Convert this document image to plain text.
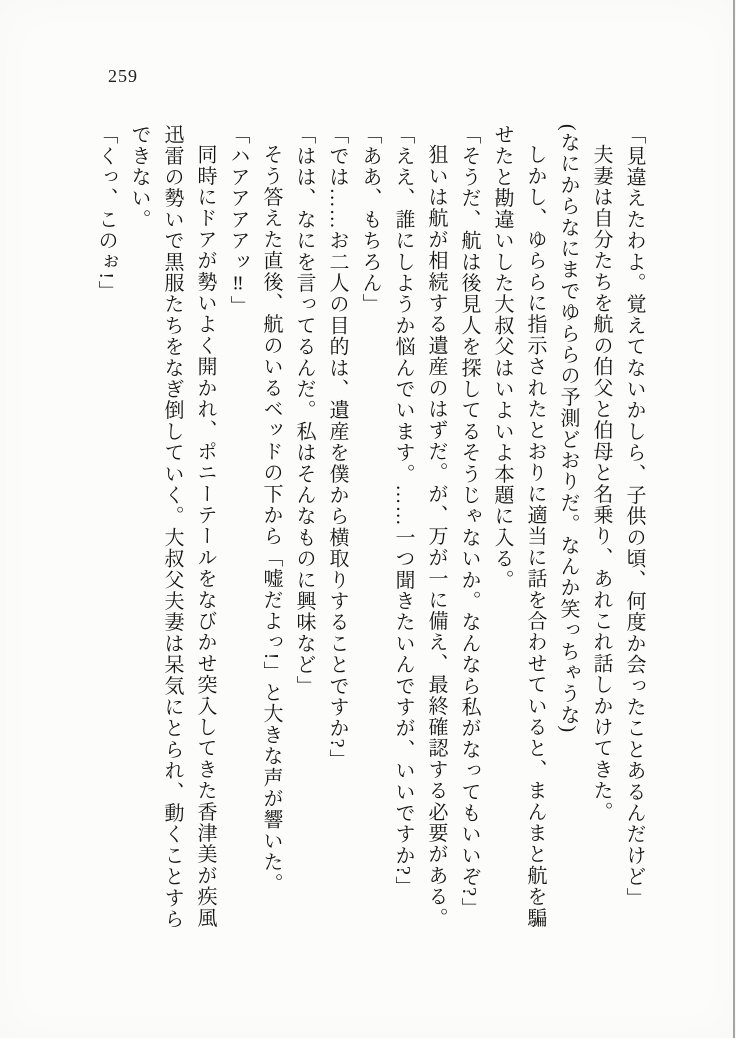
259

「見違えたわよ。覚えてないかしら、子供の頃、何度か会ったことあるんだけど」

夫妻は自分たちを航の伯父と伯母と名乗り、あれこれ話しかけてきた。

(なにからなにまでゆららの予測どおりだ。なんか笑っちゃうな)

しかし、ゆららに指示されたとおりに適当に話を合わせていると、まんまと航を騙

せたと勘違いした大叔父はいよいよ本題に入る。

「そうだ、航は後見人を探してるそうじゃないか。なんなら私がなってもいいぞ?」

狙いは航が相続する遺産のはずだ。が、万が一に備え、最終確認する必要がある。

「ええ、誰にしようか悩んでいます。……一つ聞きたいんですが、いいですか?」

「ああ、もちろん」

「では……お二人の目的は、遺産を僕から横取りすることですか?」

「はは、なにを言ってるんだ。私はそんなものに興味など」

そう答えた直後、航のいるベッドの下から「嘘だよっ!」と大きな声が響いた。

「ハアアアアッ‼」

同時にドアが勢いよく開かれ、ポニーテールをなびかせ突入してきた香津美が疾風

迅雷の勢いで黒服たちをなぎ倒していく。大叔父夫妻は呆気にとられ、動くことすら

できない。

「くっ、このぉ!」
